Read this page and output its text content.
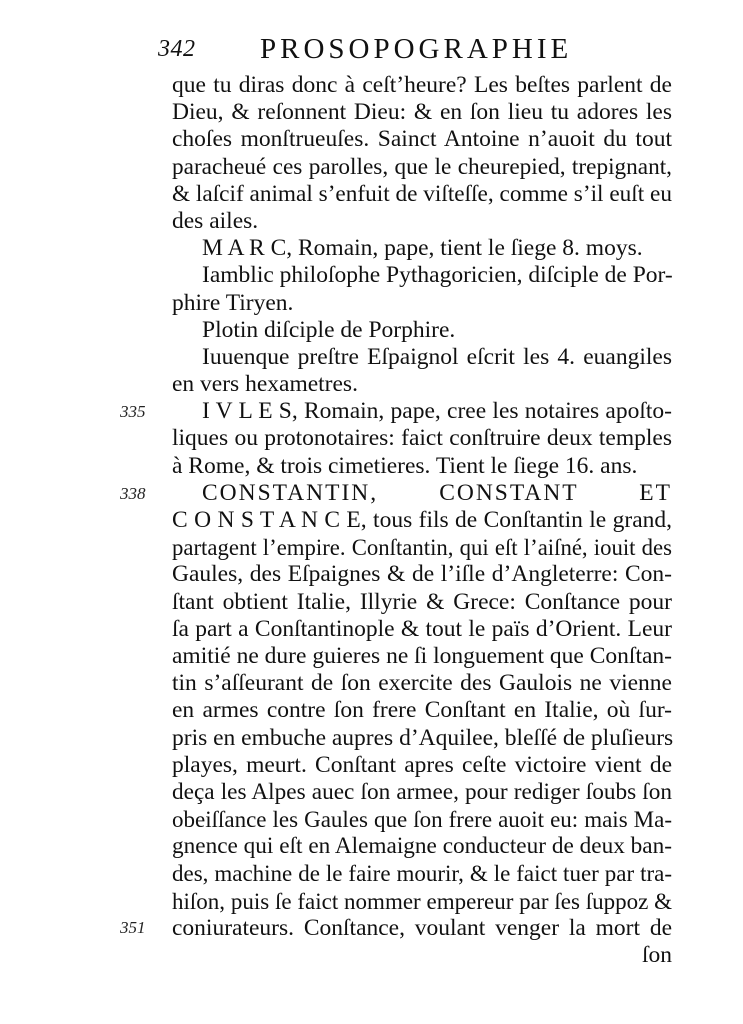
342 PROSOPOGRAPHIE
335
338
351
que tu diras donc à ceſt’heure? Les beſtes parlent de
Dieu, & reſonnent Dieu: & en ſon lieu tu adores les
choſes monſtrueuſes. Sainct Antoine n’auoit du tout
paracheué ces parolles, que le cheurepied, trepignant,
& laſcif animal s’enfuit de viſteſſe, comme s’il euſt eu
des ailes.
M A R C, Romain, pape, tient le ſiege 8. moys.
Iamblic philoſophe Pythagoricien, diſciple de Por-
phire Tiryen.
Plotin diſciple de Porphire.
Iuuenque preſtre Eſpaignol eſcrit les 4. euangiles
en vers hexametres.
I V L E S, Romain, pape, cree les notaires apoſto-
liques ou protonotaires: faict conſtruire deux temples
à Rome, & trois cimetieres. Tient le ſiege 16. ans.
CONSTANTIN, CONSTANT ET
C O N S T A N C E, tous fils de Conſtantin le grand,
partagent l’empire. Conſtantin, qui eſt l’aiſné, iouit des
Gaules, des Eſpaignes & de l’iſle d’Angleterre: Con-
ſtant obtient Italie, Illyrie & Grece: Conſtance pour
ſa part a Conſtantinople & tout le païs d’Orient. Leur
amitié ne dure guieres ne ſi longuement que Conſtan-
tin s’aſſeurant de ſon exercite des Gaulois ne vienne
en armes contre ſon frere Conſtant en Italie, où ſur-
pris en embuche aupres d’Aquilee, bleſſé de pluſieurs
playes, meurt. Conſtant apres ceſte victoire vient de
deça les Alpes auec ſon armee, pour rediger ſoubs ſon
obeiſſance les Gaules que ſon frere auoit eu: mais Ma-
gnence qui eſt en Alemaigne conducteur de deux ban-
des, machine de le faire mourir, & le faict tuer par tra-
hiſon, puis ſe faict nommer empereur par ſes ſuppoz &
coniurateurs. Conſtance, voulant venger la mort de
ſon
